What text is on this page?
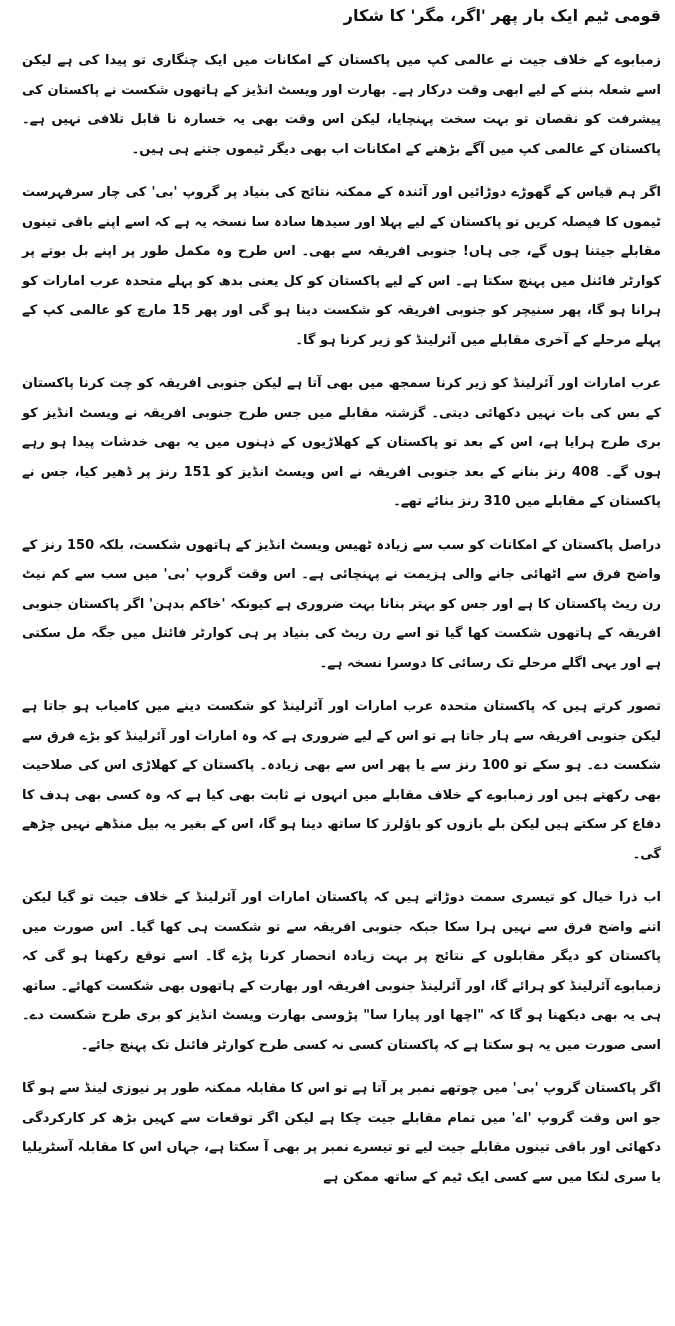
قومی ٹیم ایک بار پھر 'اگر، مگر' کا شکار

زمبابوے کے خلاف جیت نے عالمی کپ میں پاکستان کے امکانات میں ایک چنگاری تو پیدا کی ہے لیکن اسے شعلہ بننے کے لیے ابھی وقت درکار ہے۔ بھارت اور ویسٹ انڈیز کے ہاتھوں شکست نے پاکستان کی پیشرفت کو نقصان تو بہت سخت پہنچایا، لیکن اس وقت بھی یہ خسارہ نا قابل تلافی نہیں ہے۔ پاکستان کے عالمی کپ میں آگے بڑھنے کے امکانات اب بھی دیگر ٹیموں جتنے ہی ہیں۔

اگر ہم قیاس کے گھوڑے دوڑائیں اور آئندہ کے ممکنہ نتائج کی بنیاد پر گروپ 'بی' کی چار سرفہرست ٹیموں کا فیصلہ کریں تو پاکستان کے لیے پہلا اور سیدھا سادہ سا نسخہ یہ ہے کہ اسے اپنے باقی تینوں مقابلے جیتنا ہوں گے، جی ہاں! جنوبی افریقہ سے بھی۔ اس طرح وہ مکمل طور پر اپنے بل بوتے پر کوارٹر فائنل میں پہنچ سکتا ہے۔ اس کے لیے پاکستان کو کل یعنی بدھ کو پہلے متحدہ عرب امارات کو ہرانا ہو گا، پھر سنیچر کو جنوبی افریقہ کو شکست دینا ہو گی اور پھر 15 مارچ کو عالمی کپ کے پہلے مرحلے کے آخری مقابلے میں آئرلینڈ کو زیر کرنا ہو گا۔

عرب امارات اور آئرلینڈ کو زیر کرنا سمجھ میں بھی آتا ہے لیکن جنوبی افریقہ کو چت کرنا پاکستان کے بس کی بات نہیں دکھائی دیتی۔ گزشتہ مقابلے میں جس طرح جنوبی افریقہ نے ویسٹ انڈیز کو بری طرح ہرایا ہے، اس کے بعد تو پاکستان کے کھلاڑیوں کے ذہنوں میں یہ بھی خدشات پیدا ہو رہے ہوں گے۔ 408 رنز بنانے کے بعد جنوبی افریقہ نے اس ویسٹ انڈیز کو 151 رنز پر ڈھیر کیا، جس نے پاکستان کے مقابلے میں 310 رنز بنائے تھے۔

دراصل پاکستان کے امکانات کو سب سے زیادہ ٹھیس ویسٹ انڈیز کے ہاتھوں شکست، بلکہ 150 رنز کے واضح فرق سے اٹھائی جانے والی ہزیمت نے پہنچائی ہے۔ اس وقت گروپ 'بی' میں سب سے کم نیٹ رن ریٹ پاکستان کا ہے اور جس کو بہتر بنانا بہت ضروری ہے کیونکہ 'خاکم بدہن' اگر پاکستان جنوبی افریقہ کے ہاتھوں شکست کھا گیا تو اسے رن ریٹ کی بنیاد پر ہی کوارٹر فائنل میں جگہ مل سکتی ہے اور یہی اگلے مرحلے تک رسائی کا دوسرا نسخہ ہے۔

تصور کرتے ہیں کہ پاکستان متحدہ عرب امارات اور آئرلینڈ کو شکست دینے میں کامیاب ہو جاتا ہے لیکن جنوبی افریقہ سے ہار جاتا ہے تو اس کے لیے ضروری ہے کہ وہ امارات اور آئرلینڈ کو بڑے فرق سے شکست دے۔ ہو سکے تو 100 رنز سے یا پھر اس سے بھی زیادہ۔ پاکستان کے کھلاڑی اس کی صلاحیت بھی رکھتے ہیں اور زمبابوے کے خلاف مقابلے میں انہوں نے ثابت بھی کیا ہے کہ وہ کسی بھی ہدف کا دفاع کر سکتے ہیں لیکن بلے بازوں کو باؤلرز کا ساتھ دینا ہو گا، اس کے بغیر یہ بیل منڈھے نہیں چڑھے گی۔

اب ذرا خیال کو تیسری سمت دوڑاتے ہیں کہ پاکستان امارات اور آئرلینڈ کے خلاف جیت تو گیا لیکن اتنے واضح فرق سے نہیں ہرا سکا جبکہ جنوبی افریقہ سے تو شکست ہی کھا گیا۔ اس صورت میں پاکستان کو دیگر مقابلوں کے نتائج پر بہت زیادہ انحصار کرنا پڑے گا۔ اسے توقع رکھنا ہو گی کہ زمبابوے آئرلینڈ کو ہرائے گا، اور آئرلینڈ جنوبی افریقہ اور بھارت کے ہاتھوں بھی شکست کھائے۔ ساتھ ہی یہ بھی دیکھنا ہو گا کہ "اچھا اور پیارا سا" پڑوسی بھارت ویسٹ انڈیز کو بری طرح شکست دے۔ اسی صورت میں یہ ہو سکتا ہے کہ پاکستان کسی نہ کسی طرح کوارٹر فائنل تک پہنچ جائے۔

اگر پاکستان گروپ 'بی' میں چوتھے نمبر پر آتا ہے تو اس کا مقابلہ ممکنہ طور پر نیوزی لینڈ سے ہو گا جو اس وقت گروپ 'اے' میں تمام مقابلے جیت چکا ہے لیکن اگر توقعات سے کہیں بڑھ کر کارکردگی دکھائی اور باقی تینوں مقابلے جیت لیے تو تیسرے نمبر پر بھی آ سکتا ہے، جہاں اس کا مقابلہ آسٹریلیا یا سری لنکا میں سے کسی ایک ٹیم کے ساتھ ممکن ہے
